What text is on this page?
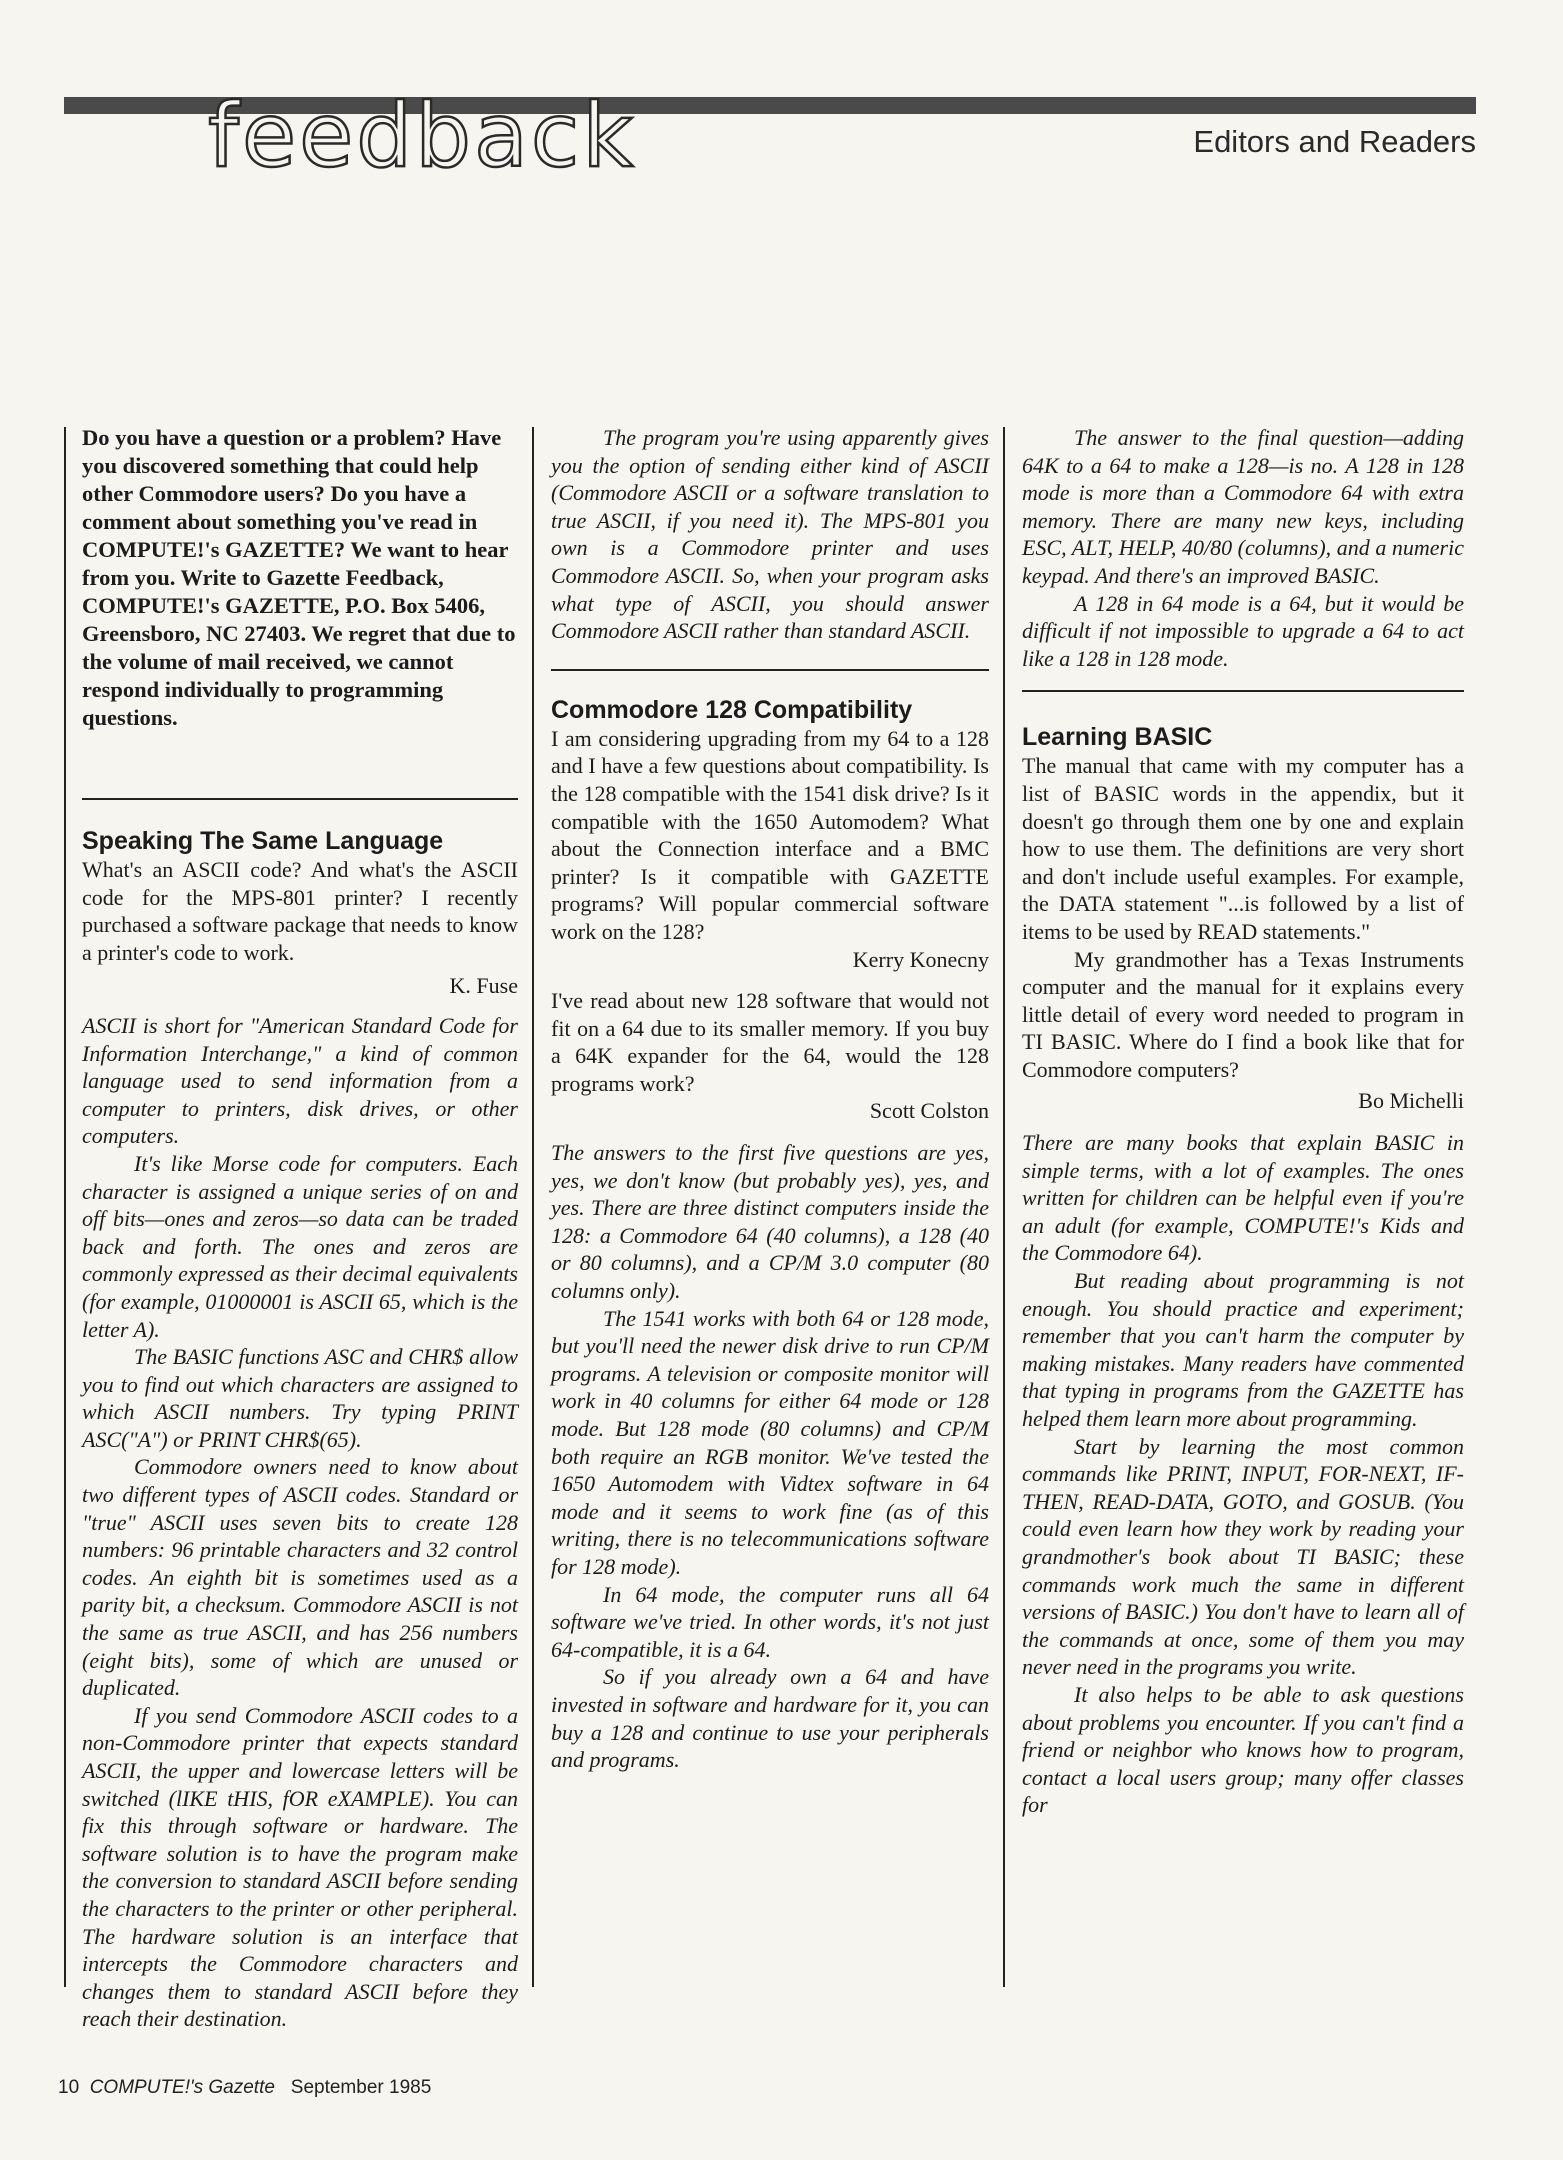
feedback	Editors and Readers

Do you have a question or a problem? Have you discovered something that could help other Commodore users? Do you have a comment about something you've read in COMPUTE!'s GAZETTE? We want to hear from you. Write to Gazette Feedback, COMPUTE!'s GAZETTE, P.O. Box 5406, Greensboro, NC 27403. We regret that due to the volume of mail received, we cannot respond individually to programming questions.

Speaking The Same Language

What's an ASCII code? And what's the ASCII code for the MPS-801 printer? I recently purchased a software package that needs to know a printer's code to work.

K. Fuse

ASCII is short for "American Standard Code for Information Interchange," a kind of common language used to send information from a computer to printers, disk drives, or other computers.

It's like Morse code for computers. Each character is assigned a unique series of on and off bits—ones and zeros—so data can be traded back and forth. The ones and zeros are commonly expressed as their decimal equivalents (for example, 01000001 is ASCII 65, which is the letter A).

The BASIC functions ASC and CHR$ allow you to find out which characters are assigned to which ASCII numbers. Try typing PRINT ASC("A") or PRINT CHR$(65).

Commodore owners need to know about two different types of ASCII codes. Standard or "true" ASCII uses seven bits to create 128 numbers: 96 printable characters and 32 control codes. An eighth bit is sometimes used as a parity bit, a checksum. Commodore ASCII is not the same as true ASCII, and has 256 numbers (eight bits), some of which are unused or duplicated.

If you send Commodore ASCII codes to a non-Commodore printer that expects standard ASCII, the upper and lowercase letters will be switched (lIKE tHIS, fOR eXAMPLE). You can fix this through software or hardware. The software solution is to have the program make the conversion to standard ASCII before sending the characters to the printer or other peripheral. The hardware solution is an interface that intercepts the Commodore characters and changes them to standard ASCII before they reach their destination.

The program you're using apparently gives you the option of sending either kind of ASCII (Commodore ASCII or a software translation to true ASCII, if you need it). The MPS-801 you own is a Commodore printer and uses Commodore ASCII. So, when your program asks what type of ASCII, you should answer Commodore ASCII rather than standard ASCII.

Commodore 128 Compatibility

I am considering upgrading from my 64 to a 128 and I have a few questions about compatibility. Is the 128 compatible with the 1541 disk drive? Is it compatible with the 1650 Automodem? What about the Connection interface and a BMC printer? Is it compatible with GAZETTE programs? Will popular commercial software work on the 128?

Kerry Konecny

I've read about new 128 software that would not fit on a 64 due to its smaller memory. If you buy a 64K expander for the 64, would the 128 programs work?

Scott Colston

The answers to the first five questions are yes, yes, we don't know (but probably yes), yes, and yes. There are three distinct computers inside the 128: a Commodore 64 (40 columns), a 128 (40 or 80 columns), and a CP/M 3.0 computer (80 columns only).

The 1541 works with both 64 or 128 mode, but you'll need the newer disk drive to run CP/M programs. A television or composite monitor will work in 40 columns for either 64 mode or 128 mode. But 128 mode (80 columns) and CP/M both require an RGB monitor. We've tested the 1650 Automodem with Vidtex software in 64 mode and it seems to work fine (as of this writing, there is no telecommunications software for 128 mode).

In 64 mode, the computer runs all 64 software we've tried. In other words, it's not just 64-compatible, it is a 64.

So if you already own a 64 and have invested in software and hardware for it, you can buy a 128 and continue to use your peripherals and programs.

The answer to the final question—adding 64K to a 64 to make a 128—is no. A 128 in 128 mode is more than a Commodore 64 with extra memory. There are many new keys, including ESC, ALT, HELP, 40/80 (columns), and a numeric keypad. And there's an improved BASIC.

A 128 in 64 mode is a 64, but it would be difficult if not impossible to upgrade a 64 to act like a 128 in 128 mode.

Learning BASIC

The manual that came with my computer has a list of BASIC words in the appendix, but it doesn't go through them one by one and explain how to use them. The definitions are very short and don't include useful examples. For example, the DATA statement "...is followed by a list of items to be used by READ statements."

My grandmother has a Texas Instruments computer and the manual for it explains every little detail of every word needed to program in TI BASIC. Where do I find a book like that for Commodore computers?

Bo Michelli

There are many books that explain BASIC in simple terms, with a lot of examples. The ones written for children can be helpful even if you're an adult (for example, COMPUTE!'s Kids and the Commodore 64).

But reading about programming is not enough. You should practice and experiment; remember that you can't harm the computer by making mistakes. Many readers have commented that typing in programs from the GAZETTE has helped them learn more about programming.

Start by learning the most common commands like PRINT, INPUT, FOR-NEXT, IF-THEN, READ-DATA, GOTO, and GOSUB. (You could even learn how they work by reading your grandmother's book about TI BASIC; these commands work much the same in different versions of BASIC.) You don't have to learn all of the commands at once, some of them you may never need in the programs you write.

It also helps to be able to ask questions about problems you encounter. If you can't find a friend or neighbor who knows how to program, contact a local users group; many offer classes for

10 COMPUTE!'s Gazette September 1985
